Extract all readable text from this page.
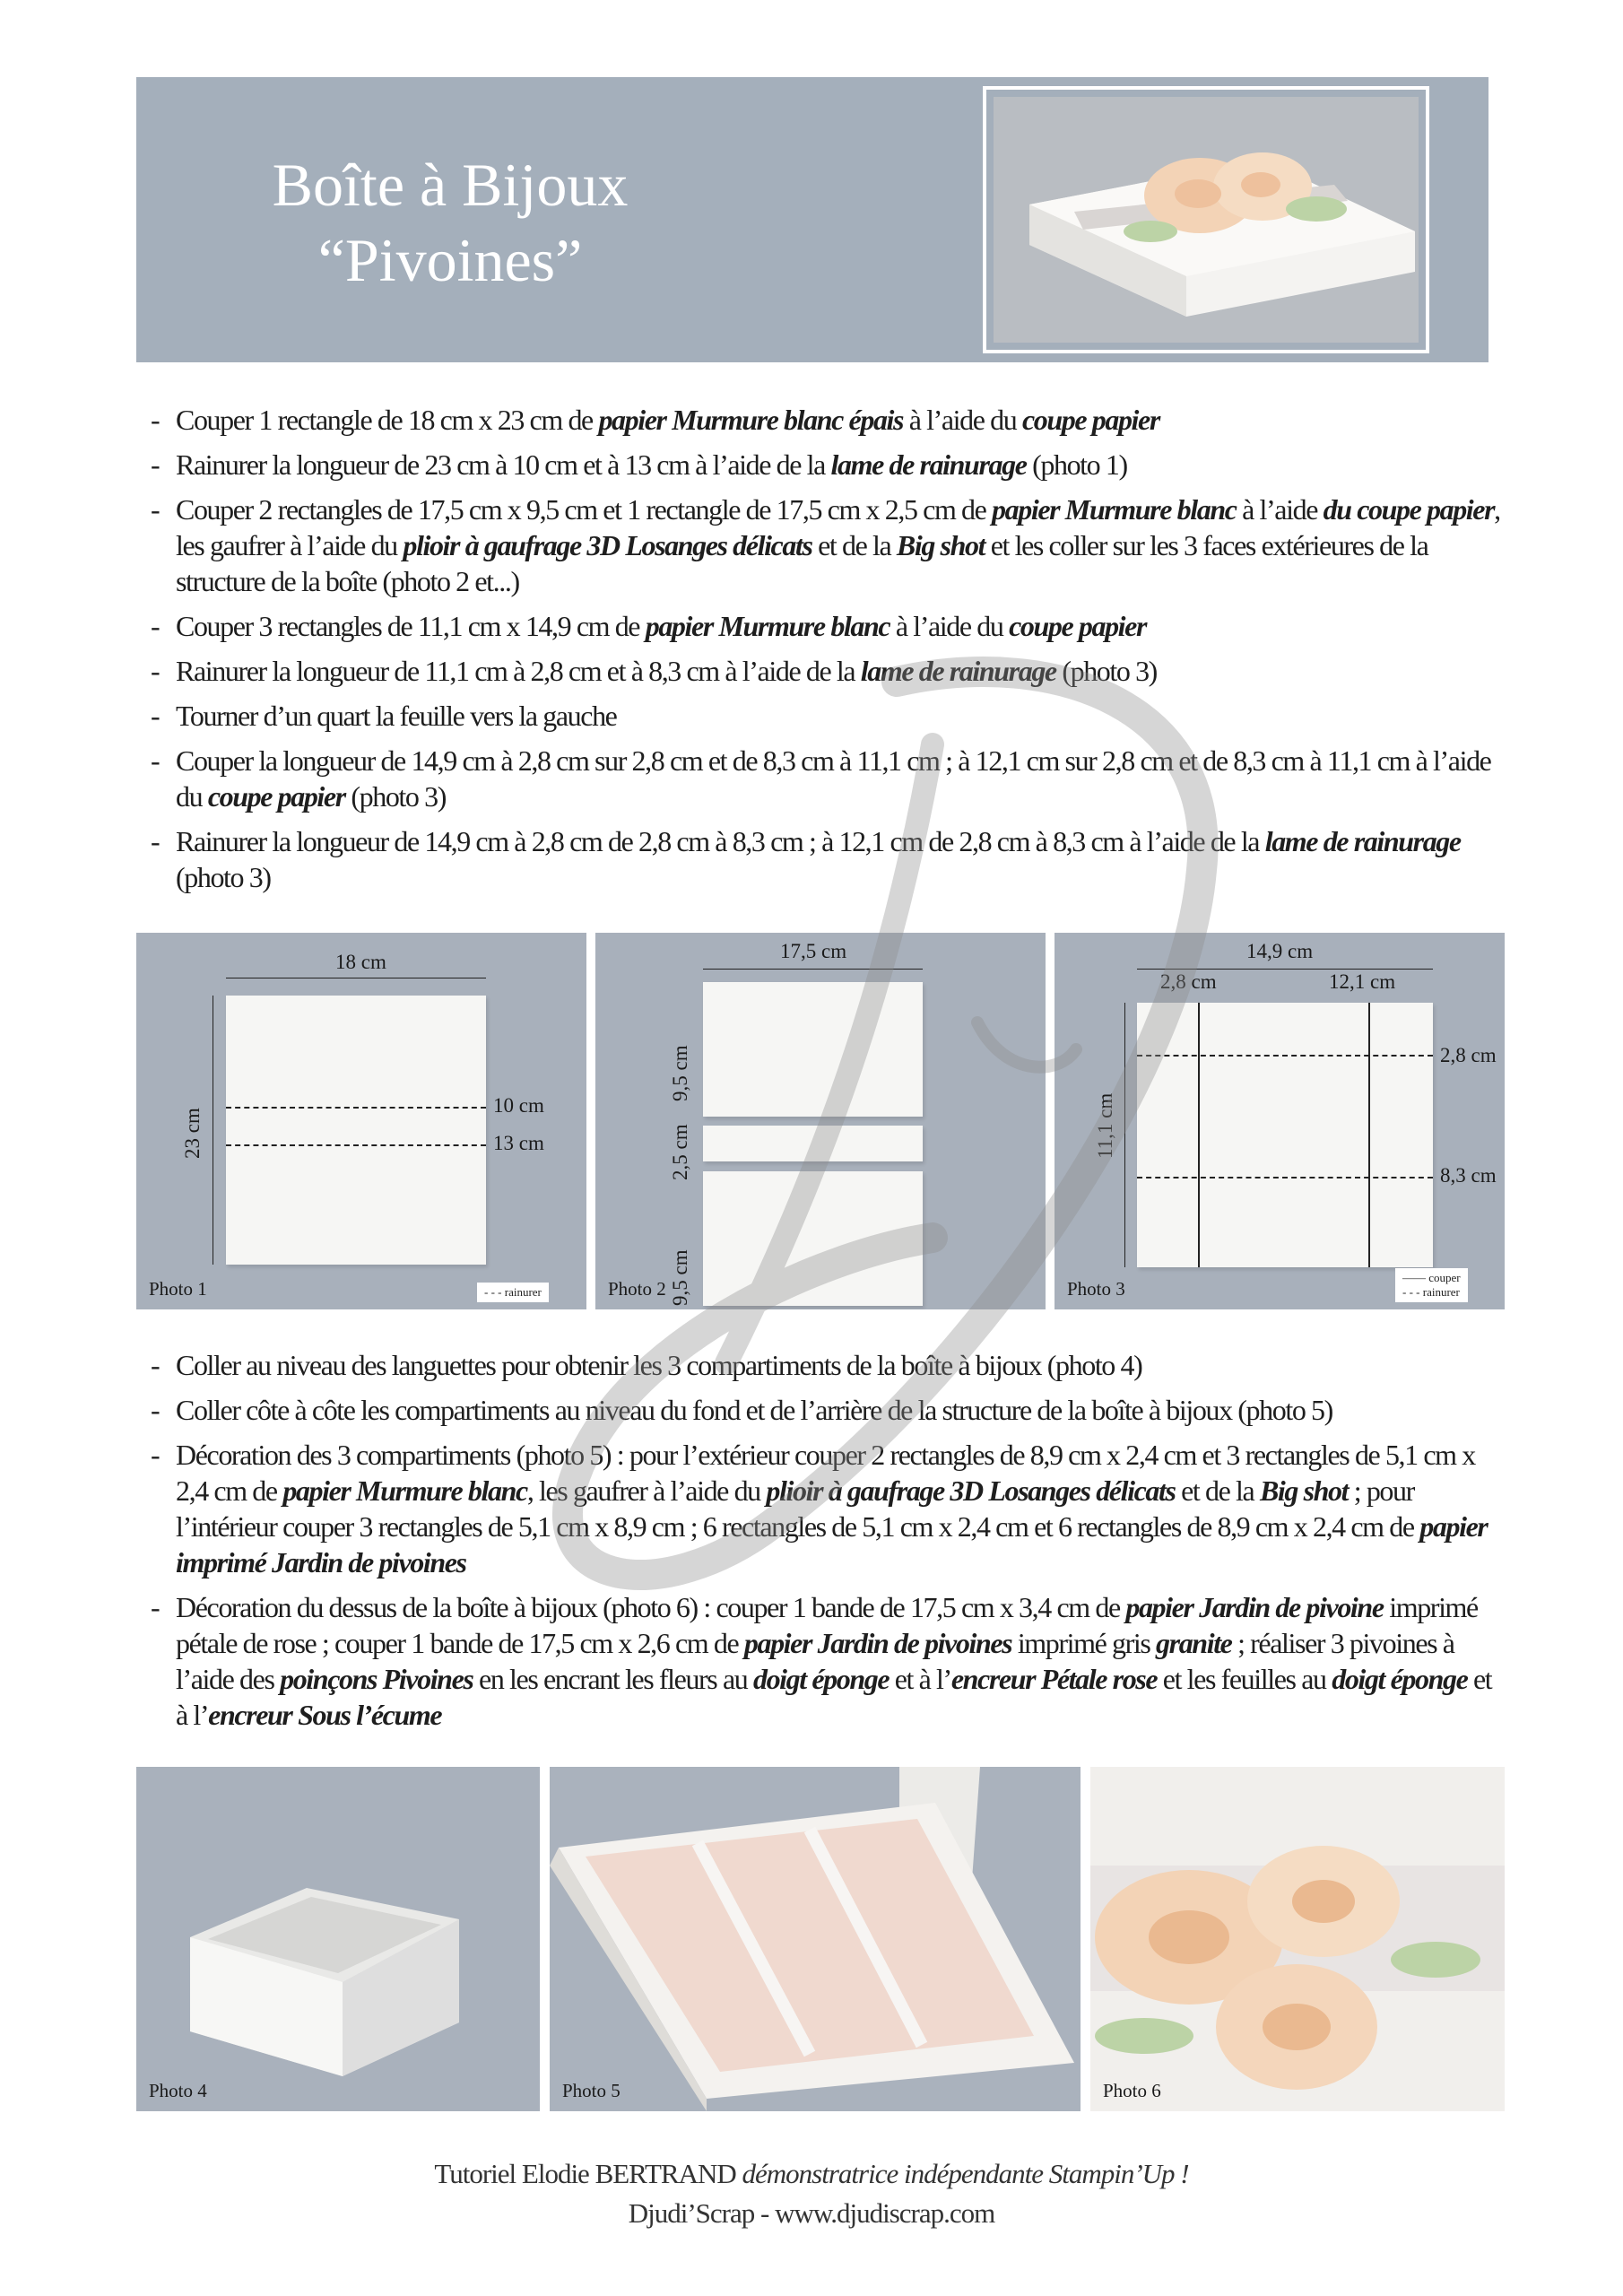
Boîte à Bijoux
“Pivoines”
- Couper 1 rectangle de 18 cm x 23 cm de papier Murmure blanc épais à l’aide du coupe papier
- Rainurer la longueur de 23 cm à 10 cm et à 13 cm à l’aide de la lame de rainurage (photo 1)
- Couper 2 rectangles de 17,5 cm x 9,5 cm et 1 rectangle de 17,5 cm x 2,5 cm de papier Murmure blanc à l’aide du coupe papier, les gaufrer à l’aide du plioir à gaufrage 3D Losanges délicats et de la Big shot et les coller sur les 3 faces extérieures de la structure de la boîte (photo 2 et...)
- Couper 3 rectangles de 11,1 cm x 14,9 cm de papier Murmure blanc à l’aide du coupe papier
- Rainurer la longueur de 11,1 cm à 2,8 cm et à 8,3 cm à l’aide de la lame de rainurage (photo 3)
- Tourner d’un quart la feuille vers la gauche
- Couper la longueur de 14,9 cm à 2,8 cm sur 2,8 cm et de 8,3 cm à 11,1 cm ; à 12,1 cm sur 2,8 cm et de 8,3 cm à 11,1 cm à l’aide du coupe papier (photo 3)
- Rainurer la longueur de 14,9 cm à 2,8 cm de 2,8 cm à 8,3 cm ; à 12,1 cm de 2,8 cm à 8,3 cm à l’aide de la lame de rainurage (photo 3)
18 cm
23 cm
10 cm
13 cm
Photo 1	- - - rainurer
17,5 cm
9,5 cm
2,5 cm
9,5 cm
Photo 2
14,9 cm
2,8 cm	12,1 cm
11,1 cm
2,8 cm
8,3 cm
Photo 3
—— couper
- - - rainurer
- Coller au niveau des languettes pour obtenir les 3 compartiments de la boîte à bijoux (photo 4)
- Coller côte à côte les compartiments au niveau du fond et de l’arrière de la structure de la boîte à bijoux (photo 5)
- Décoration des 3 compartiments (photo 5) : pour l’extérieur couper 2 rectangles de 8,9 cm x 2,4 cm et 3 rectangles de 5,1 cm x 2,4 cm de papier Murmure blanc, les gaufrer à l’aide du plioir à gaufrage 3D Losanges délicats et de la Big shot ; pour l’intérieur couper 3 rectangles de 5,1 cm x 8,9 cm ; 6 rectangles de 5,1 cm x 2,4 cm et 6 rectangles de 8,9 cm x 2,4 cm de papier imprimé Jardin de pivoines
- Décoration du dessus de la boîte à bijoux (photo 6) : couper 1 bande de 17,5 cm x 3,4 cm de papier Jardin de pivoine imprimé pétale de rose ; couper 1 bande de 17,5 cm x 2,6 cm de papier Jardin de pivoines imprimé gris granite ; réaliser 3 pivoines à l’aide des poinçons Pivoines en les encrant les fleurs au doigt éponge et à l’encreur Pétale rose et les feuilles au doigt éponge et à l’encreur Sous l’écume
Photo 4	Photo 5	Photo 6
Tutoriel Elodie BERTRAND démonstratrice indépendante Stampin’Up !
Djudi’Scrap - www.djudiscrap.com
